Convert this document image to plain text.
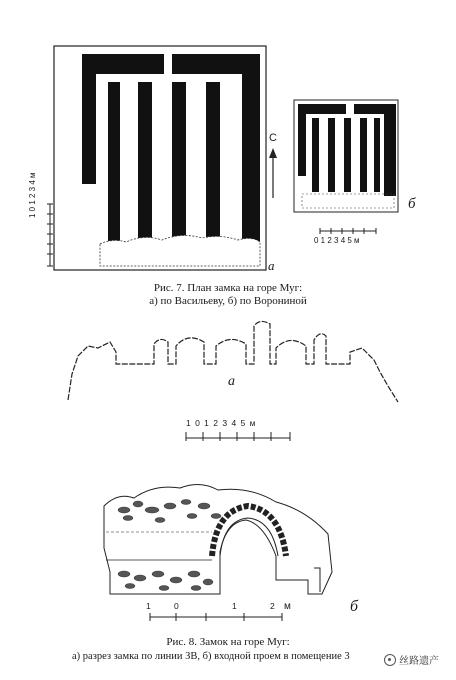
1 0 1 2 3 4 м
С
а
б
0 1 2 3 4 5 м
Рис. 7. План замка на горе Муг:
а) по Васильеву, б) по Ворониной
а
1 0 1 2 3 4 5 м
1	0	1	2 м	б
Рис. 8. Замок на горе Муг:
а) разрез замка по линии ЗВ, б) входной проем в помещение 3	丝路遗产
